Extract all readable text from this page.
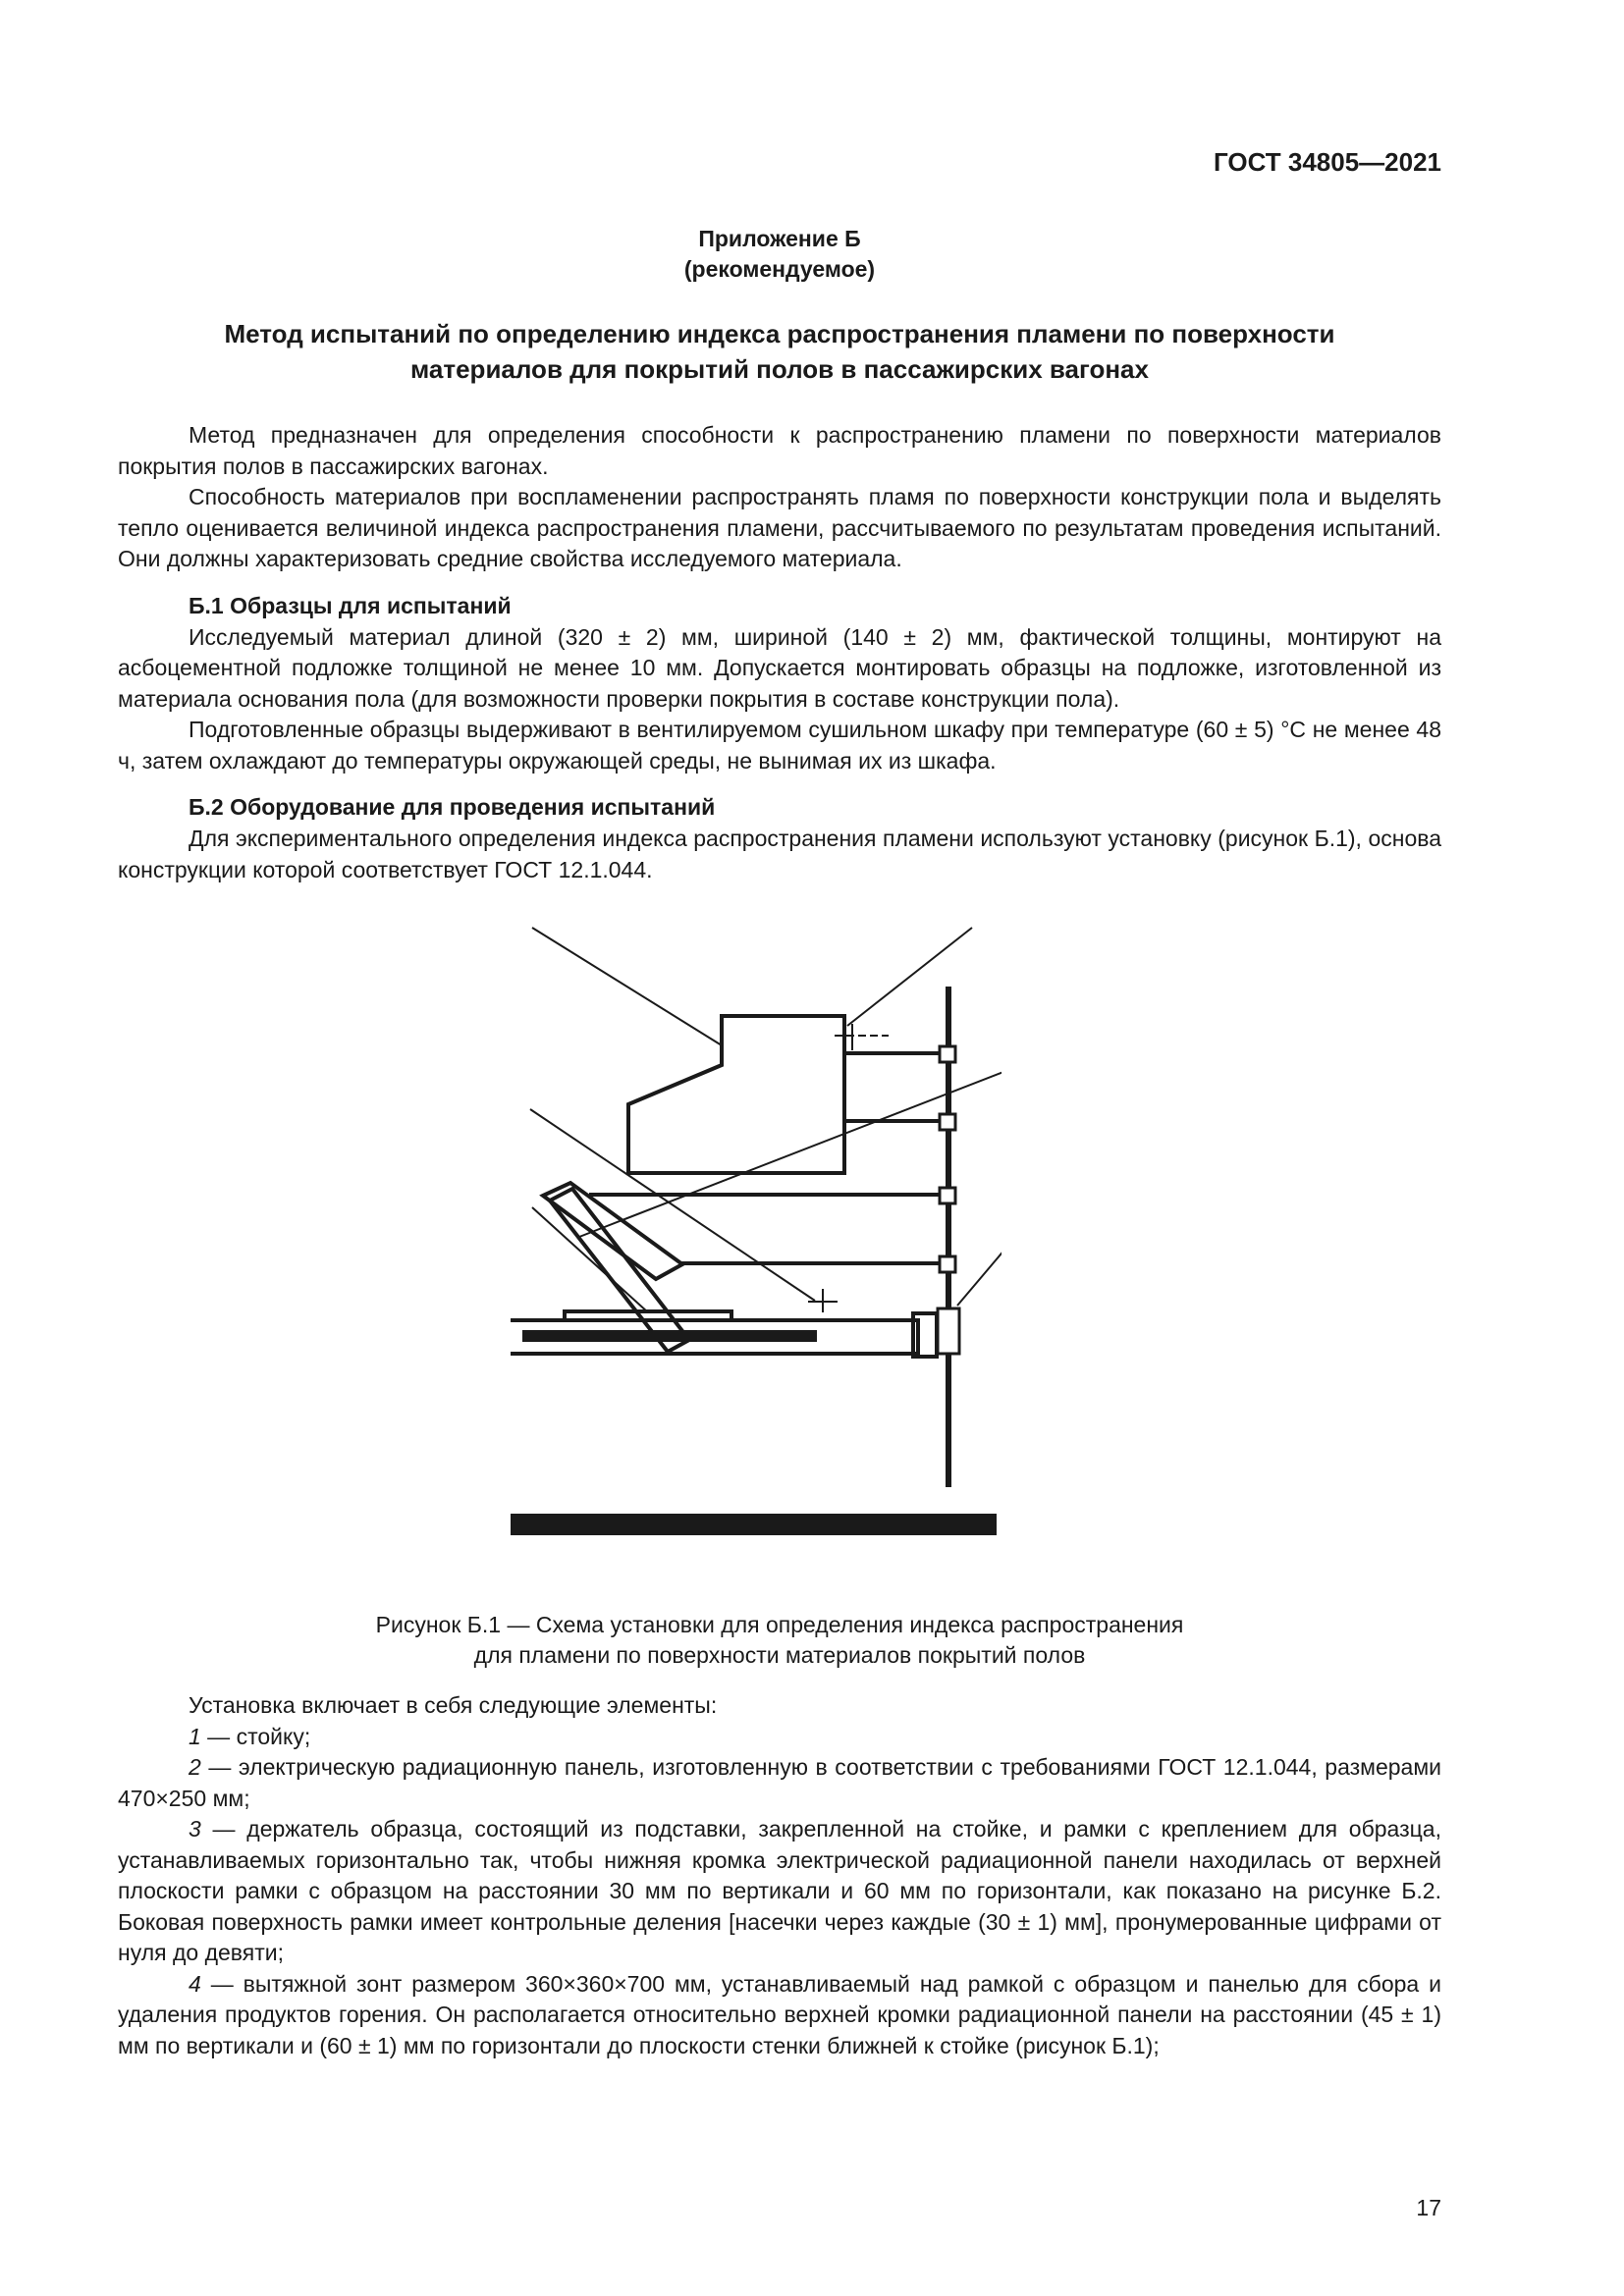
ГОСТ 34805—2021
Приложение Б
(рекомендуемое)
Метод испытаний по определению индекса распространения пламени по поверхности
материалов для покрытий полов в пассажирских вагонах

Метод предназначен для определения способности к распространению пламени по поверхности материалов покрытия полов в пассажирских вагонах.

Способность материалов при воспламенении распространять пламя по поверхности конструкции пола и выделять тепло оценивается величиной индекса распространения пламени, рассчитываемого по результатам проведения испытаний. Они должны характеризовать средние свойства исследуемого материала.

Б.1 Образцы для испытаний

Исследуемый материал длиной (320 ± 2) мм, шириной (140 ± 2) мм, фактической толщины, монтируют на асбоцементной подложке толщиной не менее 10 мм. Допускается монтировать образцы на подложке, изготовленной из материала основания пола (для возможности проверки покрытия в составе конструкции пола).

Подготовленные образцы выдерживают в вентилируемом сушильном шкафу при температуре (60 ± 5) °С не менее 48 ч, затем охлаждают до температуры окружающей среды, не вынимая их из шкафа.

Б.2 Оборудование для проведения испытаний

Для экспериментального определения индекса распространения пламени используют установку (рисунок Б.1), основа конструкции которой соответствует ГОСТ 12.1.044.

Рисунок Б.1 — Схема установки для определения индекса распространения
для пламени по поверхности материалов покрытий полов

Установка включает в себя следующие элементы:

1 — стойку;

2 — электрическую радиационную панель, изготовленную в соответствии с требованиями ГОСТ 12.1.044, размерами 470×250 мм;

3 — держатель образца, состоящий из подставки, закрепленной на стойке, и рамки с креплением для образца, устанавливаемых горизонтально так, чтобы нижняя кромка электрической радиационной панели находилась от верхней плоскости рамки с образцом на расстоянии 30 мм по вертикали и 60 мм по горизонтали, как показано на рисунке Б.2. Боковая поверхность рамки имеет контрольные деления [насечки через каждые (30 ± 1) мм], пронумерованные цифрами от нуля до девяти;

4 — вытяжной зонт размером 360×360×700 мм, устанавливаемый над рамкой с образцом и панелью для сбора и удаления продуктов горения. Он располагается относительно верхней кромки радиационной панели на расстоянии (45 ± 1) мм по вертикали и (60 ± 1) мм по горизонтали до плоскости стенки ближней к стойке (рисунок Б.1);

17
